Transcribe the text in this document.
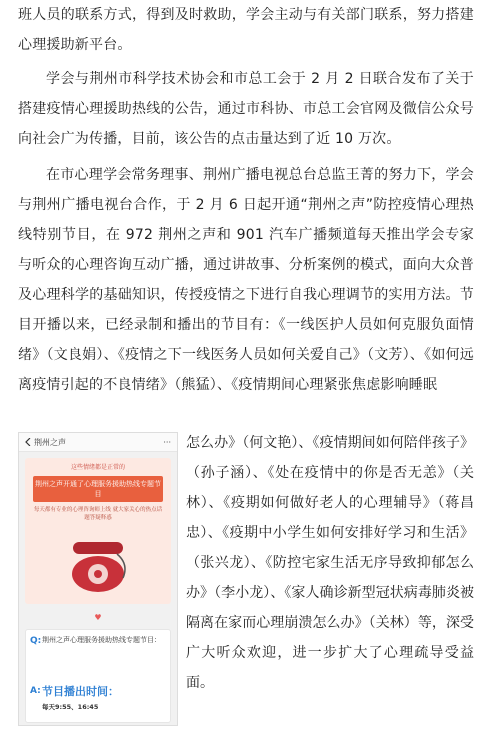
班人员的联系方式，得到及时救助，学会主动与有关部门联系，努力搭建心理援助新平台。

学会与荆州市科学技术协会和市总工会于 2 月 2 日联合发布了关于搭建疫情心理援助热线的公告，通过市科协、市总工会官网及微信公众号向社会广为传播，目前，该公告的点击量达到了近 10 万次。

在市心理学会常务理事、荆州广播电视总台总监王菁的努力下，学会与荆州广播电视台合作，于 2 月 6 日起开通“荆州之声”防控疫情心理热线特别节目，在 972 荆州之声和 901 汽车广播频道每天推出学会专家与听众的心理咨询互动广播，通过讲故事、分析案例的模式，面向大众普及心理科学的基础知识，传授疫情之下进行自我心理调节的实用方法。节目开播以来，已经录制和播出的节目有：《一线医护人员如何克服负面情绪》（文良娟）、《疫情之下一线医务人员如何关爱自己》（文芳）、《如何远离疫情引起的不良情绪》（熊猛）、《疫情期间心理紧张焦虑影响睡眠

荆州之声	···
这些情绪都是正常的
荆州之声开通了心理服务援助热线专题节目
每天都有专业的心理咨询师上线 就大家关心的热点话题答疑释惑
♥
Q: 荆州之声心理服务援助热线专题节目：
A: 节目播出时间：
每天9:55、16:45

怎么办》（何文艳）、《疫情期间如何陪伴孩子》（孙子涵）、《处在疫情中的你是否无恙》（关林）、《疫期如何做好老人的心理辅导》（蒋昌忠）、《疫期中小学生如何安排好学习和生活》（张兴龙）、《防控宅家生活无序导致抑郁怎么办》（李小龙）、《家人确诊新型冠状病毒肺炎被隔离在家而心理崩溃怎么办》（关林）等，深受广大听众欢迎，进一步扩大了心理疏导受益面。
